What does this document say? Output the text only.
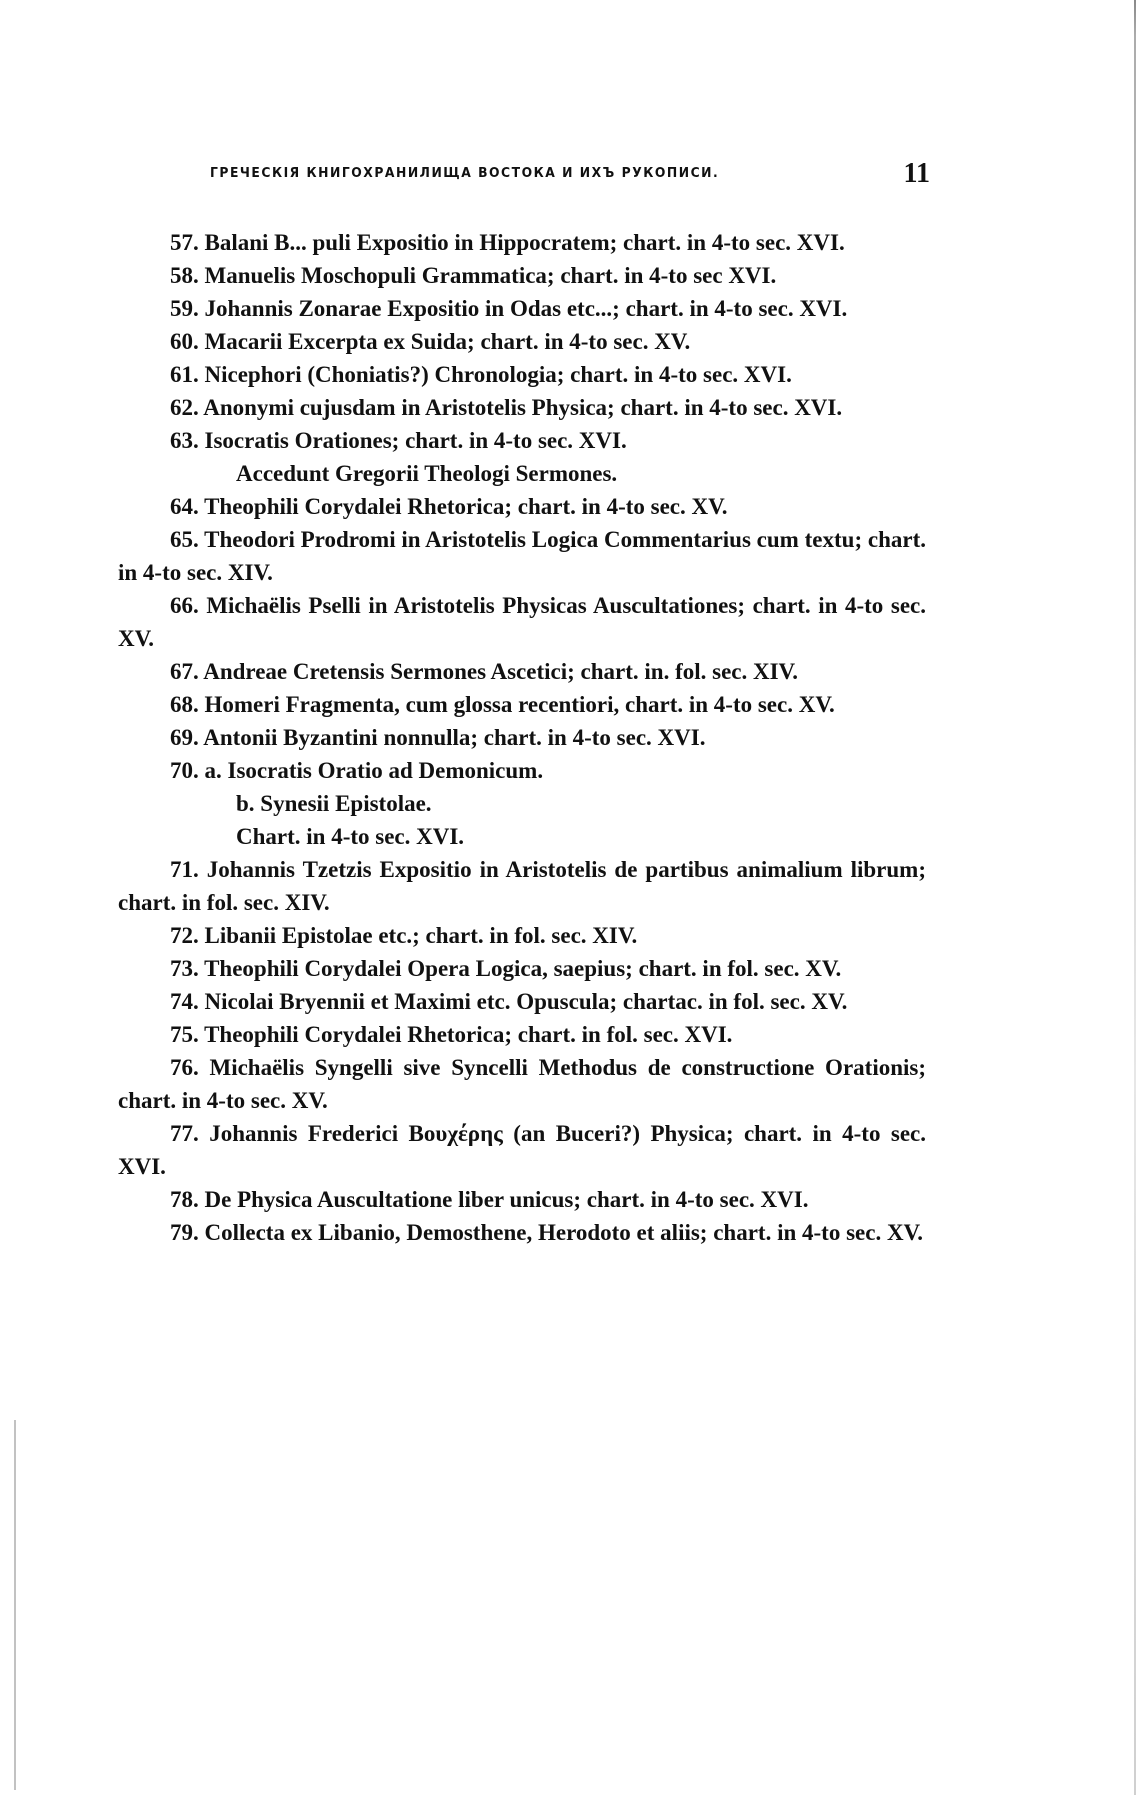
ГРЕЧЕСКІЯ КНИГОХРАНИЛИЩА ВОСТОКА И ИХЪ РУКОПИСИ.	11
57. Balani B... puli Expositio in Hippocratem; chart. in 4-to sec. XVI.
58. Manuelis Moschopuli Grammatica; chart. in 4-to sec XVI.
59. Johannis Zonarae Expositio in Odas etc...; chart. in 4-to sec. XVI.
60. Macarii Excerpta ex Suida; chart. in 4-to sec. XV.
61. Nicephori (Choniatis?) Chronologia; chart. in 4-to sec. XVI.
62. Anonymi cujusdam in Aristotelis Physica; chart. in 4-to sec. XVI.
63. Isocratis Orationes; chart. in 4-to sec. XVI.
Accedunt Gregorii Theologi Sermones.
64. Theophili Corydalei Rhetorica; chart. in 4-to sec. XV.
65. Theodori Prodromi in Aristotelis Logica Commentarius cum textu; chart. in 4-to sec. XIV.
66. Michaëlis Pselli in Aristotelis Physicas Auscultationes; chart. in 4-to sec. XV.
67. Andreae Cretensis Sermones Ascetici; chart. in. fol. sec. XIV.
68. Homeri Fragmenta, cum glossa recentiori, chart. in 4-to sec. XV.
69. Antonii Byzantini nonnulla; chart. in 4-to sec. XVI.
70. a. Isocratis Oratio ad Demonicum.
b. Synesii Epistolae.
Chart. in 4-to sec. XVI.
71. Johannis Tzetzis Expositio in Aristotelis de partibus animalium librum; chart. in fol. sec. XIV.
72. Libanii Epistolae etc.; chart. in fol. sec. XIV.
73. Theophili Corydalei Opera Logica, saepius; chart. in fol. sec. XV.
74. Nicolai Bryennii et Maximi etc. Opuscula; chartac. in fol. sec. XV.
75. Theophili Corydalei Rhetorica; chart. in fol. sec. XVI.
76. Michaëlis Syngelli sive Syncelli Methodus de constructione Orationis; chart. in 4-to sec. XV.
77. Johannis Frederici Βουχέρης (an Buceri?) Physica; chart. in 4-to sec. XVI.
78. De Physica Auscultatione liber unicus; chart. in 4-to sec. XVI.
79. Collecta ex Libanio, Demosthene, Herodoto et aliis; chart. in 4-to sec. XV.
